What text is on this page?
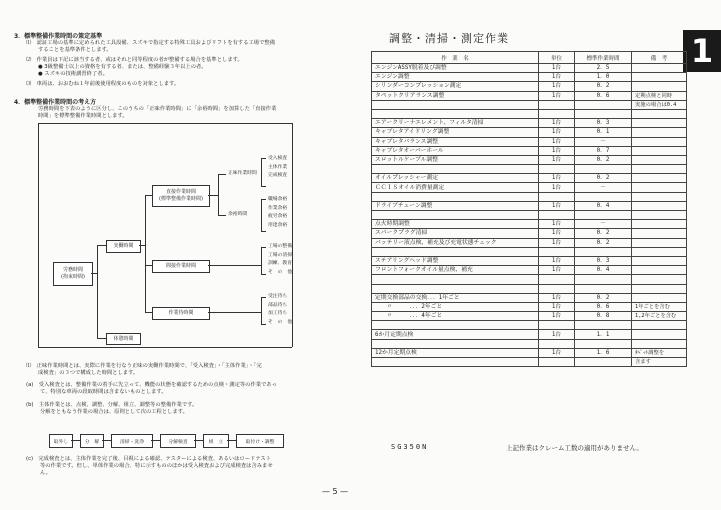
3．標準整備作業時間の策定基準
⑴　 認証工場の基準に定められた工具設備、スズキで指定する特殊工具およびリフトを有する工場で整備
することを基準条件とします。
⑵　 作業員は下記に該当する者、或はそれと同等程度の者が整備する場合を基準とします。
● 3級整備士以上の資格を有する者、または、整備経験３年以上の者。
● スズキの技術講習終了者。
⑶　 車両は、おおむね１年前後使用程度のものを対象とします。
4．標準整備作業時間の考え方
労務時間を下表のように区分し、このうちの「正味作業時間」に「余裕時間」を加算した「直接作業
時間」を標準整備作業時間とします。
労務時間
(拘束時間)
実働時間
休憩時間
直接作業時間
(標準整備作業時間)
間接作業時間
作業待時間
正味作業時間
余裕時間
受入検査
主体作業
完成検査
職場余裕
作業余裕
疲労余裕
用達余裕
工場の整備
工場の清掃
訓練、教育
そ　の　他
受注待ち
部品待ち
加工待ち
そ　の　他
⑴　 正味作業時間とは、実際に作業を行なう正味の実働作業時間で、「受入検査」・「主体作業」・「完
成検査」の３つで構成した時間とします。
(a)　 受入検査とは、整備作業の着手に先立って、機能の状態を確認するための点検・測定等の作業であっ
て、特別な車両の段取時間は含まないものとします。
(b)　 主体作業とは、点検、調整、分解、組立、調整等の整備作業です。
分解をともなう作業の場合は、原則として次の工程とします。
取外し	分　解	清掃・洗浄	分解検査	組　立	取付け・調整
(c)　 完成検査とは、主体作業を完了後、目視による確認、テスターによる検査、あるいはロードテスト
等の作業です。但し、単体作業の場合、特に示すもののほかは受入検査および完成検査は含みませ
ん。
— 5 —
調整・清掃・測定作業	1
作　業　名	単位	標準作業時間	備　考
エンジンASSY脱着及び調整	1台	2．5	
エンジン調整	1台	1．0	
シリンダーコンプレッション測定	1台	0．2	
タペットクリアランス調整	1台	0．6	定期点検と同時
			実施の場合は0.4

エアークリーナエレメント、フィルタ清掃	1台	0．3	
キャブレタアイドリング調整	1台	0．1	
キャブレタバランス調整	1台	－	
キャブレタオーバーホール	1台	0．7	
スロットルケーブル調整	1台	0．2	

オイルプレッシャー測定	1台	0．2	
ＣＣＩＳオイル消費量測定	1台	－	

ドライブチェーン調整	1台	0．4	

点火時期調整	1台	－	
スパークプラグ清掃	1台	0．2	
バッテリー液点検、補充及び充電状態チェック	1台	0．2	

ステアリングヘッド調整	1台	0．3	
フロントフォークオイル量点検、補充	1台	0．4	

定期交換部品の交換．．．1年ごと	1台	0．2	
　　〃　　　．．．2年ごと	1台	0．6	1年ごとを含む
　　〃　　　．．．4年ごと	1台	0．8	1,2年ごとを含む

6か月定期点検	1台	1．1	

12か月定期点検	1台	1．6	ﾀﾍﾟｯﾄ調整を
			含ます
SG350N	上記作業はクレーム工数の適用がありません。
